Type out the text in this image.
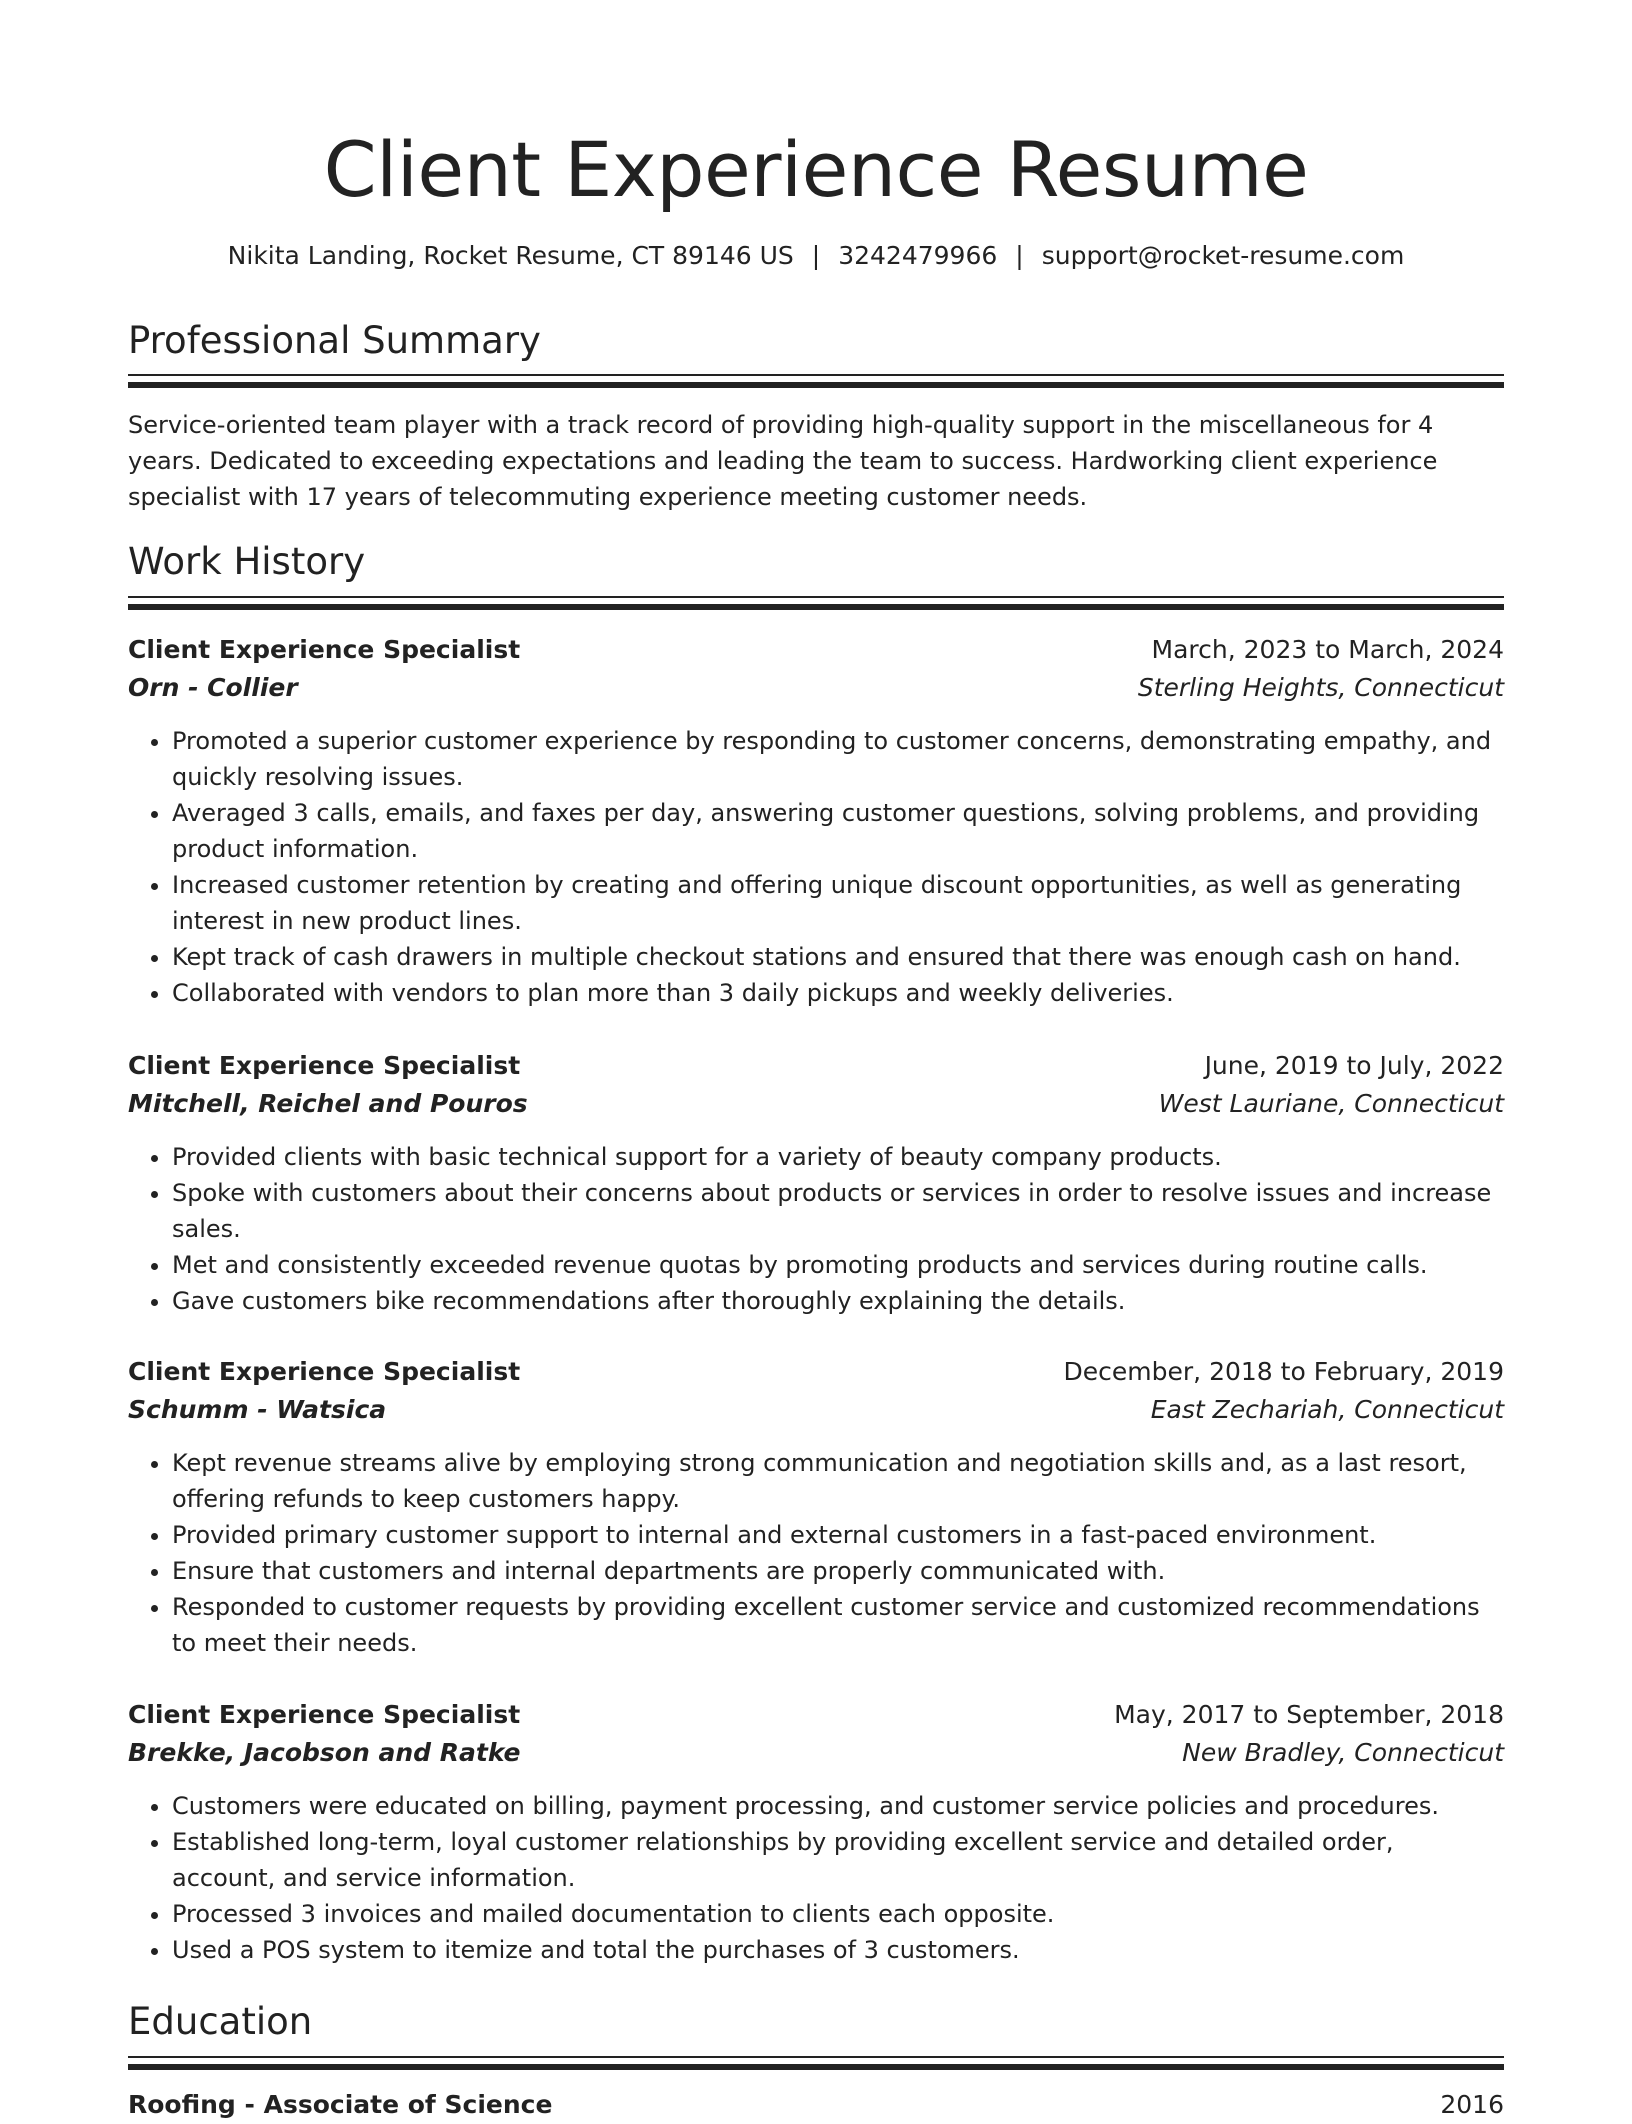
Client Experience Resume
Nikita Landing, Rocket Resume, CT 89146 US | 3242479966 | support@rocket-resume.com
Professional Summary

Service-oriented team player with a track record of providing high-quality support in the miscellaneous for 4 years. Dedicated to exceeding expectations and leading the team to success. Hardworking client experience specialist with 17 years of telecommuting experience meeting customer needs.

Work History
Client Experience Specialist	March, 2023 to March, 2024
Orn - Collier	Sterling Heights, Connecticut
• Promoted a superior customer experience by responding to customer concerns, demonstrating empathy, and quickly resolving issues.
• Averaged 3 calls, emails, and faxes per day, answering customer questions, solving problems, and providing product information.
• Increased customer retention by creating and offering unique discount opportunities, as well as generating interest in new product lines.
• Kept track of cash drawers in multiple checkout stations and ensured that there was enough cash on hand.
• Collaborated with vendors to plan more than 3 daily pickups and weekly deliveries.
Client Experience Specialist	June, 2019 to July, 2022
Mitchell, Reichel and Pouros	West Lauriane, Connecticut
• Provided clients with basic technical support for a variety of beauty company products.
• Spoke with customers about their concerns about products or services in order to resolve issues and increase sales.
• Met and consistently exceeded revenue quotas by promoting products and services during routine calls.
• Gave customers bike recommendations after thoroughly explaining the details.
Client Experience Specialist	December, 2018 to February, 2019
Schumm - Watsica	East Zechariah, Connecticut
• Kept revenue streams alive by employing strong communication and negotiation skills and, as a last resort, offering refunds to keep customers happy.
• Provided primary customer support to internal and external customers in a fast-paced environment.
• Ensure that customers and internal departments are properly communicated with.
• Responded to customer requests by providing excellent customer service and customized recommendations to meet their needs.
Client Experience Specialist	May, 2017 to September, 2018
Brekke, Jacobson and Ratke	New Bradley, Connecticut
• Customers were educated on billing, payment processing, and customer service policies and procedures.
• Established long-term, loyal customer relationships by providing excellent service and detailed order, account, and service information.
• Processed 3 invoices and mailed documentation to clients each opposite.
• Used a POS system to itemize and total the purchases of 3 customers.
Education
Roofing - Associate of Science	2016
